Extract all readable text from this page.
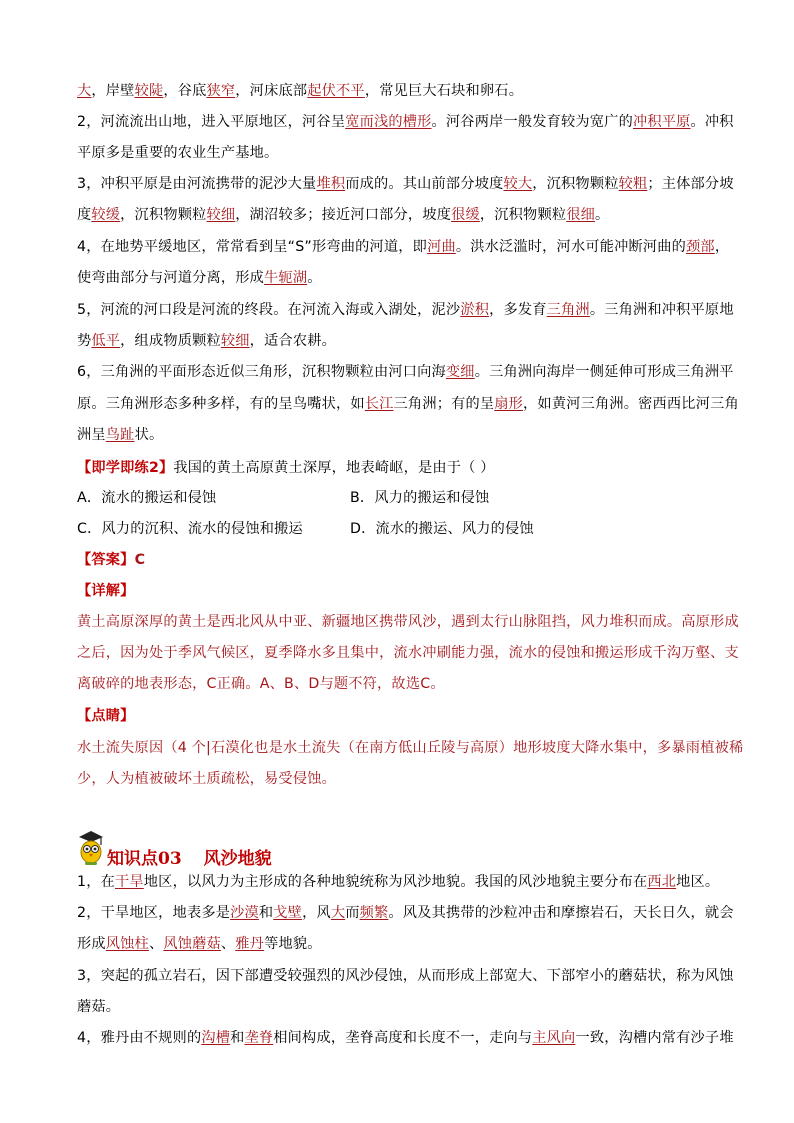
大，岸壁较陡，谷底狭窄，河床底部起伏不平，常见巨大石块和卵石。
2，河流流出山地，进入平原地区，河谷呈宽而浅的槽形。河谷两岸一般发育较为宽广的冲积平原。冲积
平原多是重要的农业生产基地。
3，冲积平原是由河流携带的泥沙大量堆积而成的。其山前部分坡度较大，沉积物颗粒较粗；主体部分坡
度较缓，沉积物颗粒较细，湖沼较多；接近河口部分，坡度很缓，沉积物颗粒很细。
4，在地势平缓地区，常常看到呈“S”形弯曲的河道，即河曲。洪水泛滥时，河水可能冲断河曲的颈部，
使弯曲部分与河道分离，形成牛轭湖。
5，河流的河口段是河流的终段。在河流入海或入湖处，泥沙淤积，多发育三角洲。三角洲和冲积平原地
势低平，组成物质颗粒较细，适合农耕。
6，三角洲的平面形态近似三角形，沉积物颗粒由河口向海变细。三角洲向海岸一侧延伸可形成三角洲平
原。三角洲形态多种多样，有的呈鸟嘴状，如长江三角洲；有的呈扇形，如黄河三角洲。密西西比河三角
洲呈鸟趾状。
【即学即练2】我国的黄土高原黄土深厚，地表崎岖，是由于（ ）
A．流水的搬运和侵蚀	B．风力的搬运和侵蚀
C．风力的沉积、流水的侵蚀和搬运	D．流水的搬运、风力的侵蚀
【答案】C
【详解】
黄土高原深厚的黄土是西北风从中亚、新疆地区携带风沙，遇到太行山脉阻挡，风力堆积而成。高原形成
之后，因为处于季风气候区，夏季降水多且集中，流水冲刷能力强，流水的侵蚀和搬运形成千沟万壑、支
离破碎的地表形态，C正确。A、B、D与题不符，故选C。
【点睛】
水土流失原因（4 个|石漠化也是水土流失（在南方低山丘陵与高原）地形坡度大降水集中，多暴雨植被稀
少，人为植被破坏土质疏松，易受侵蚀。
知识点03 风沙地貌
1，在干旱地区，以风力为主形成的各种地貌统称为风沙地貌。我国的风沙地貌主要分布在西北地区。
2，干旱地区，地表多是沙漠和戈壁，风大而频繁。风及其携带的沙粒冲击和摩擦岩石，天长日久，就会
形成风蚀柱、风蚀蘑菇、雅丹等地貌。
3，突起的孤立岩石，因下部遭受较强烈的风沙侵蚀，从而形成上部宽大、下部窄小的蘑菇状，称为风蚀
蘑菇。
4，雅丹由不规则的沟槽和垄脊相间构成，垄脊高度和长度不一，走向与主风向一致，沟槽内常有沙子堆
